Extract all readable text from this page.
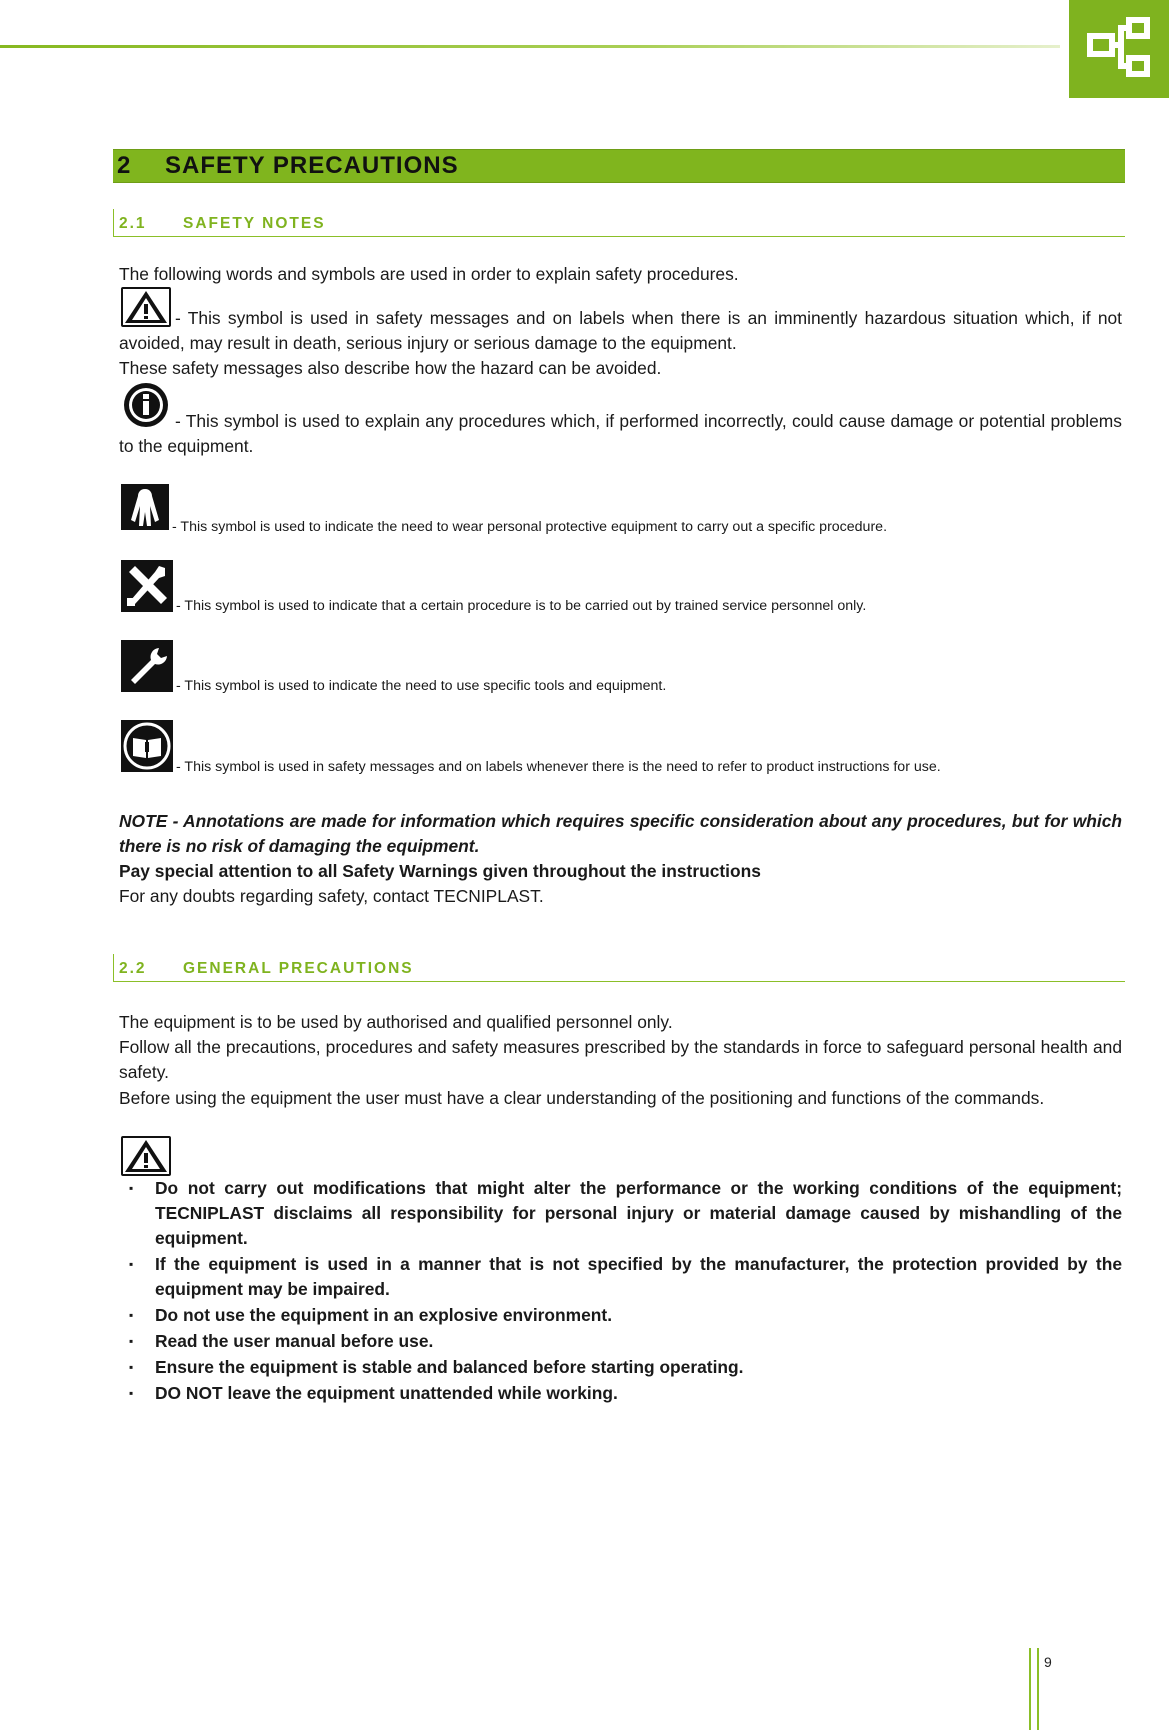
2	SAFETY PRECAUTIONS
2.1	SAFETY NOTES

The following words and symbols are used in order to explain safety procedures.

- This symbol is used in safety messages and on labels when there is an imminently hazardous situation which, if not avoided, may result in death, serious injury or serious damage to the equipment.

These safety messages also describe how the hazard can be avoided.

- This symbol is used to explain any procedures which, if performed incorrectly, could cause damage or potential problems to the equipment.

- This symbol is used to indicate the need to wear personal protective equipment to carry out a specific procedure.

- This symbol is used to indicate that a certain procedure is to be carried out by trained service personnel only.

- This symbol is used to indicate the need to use specific tools and equipment.

- This symbol is used in safety messages and on labels whenever there is the need to refer to product instructions for use.

NOTE - Annotations are made for information which requires specific consideration about any procedures, but for which there is no risk of damaging the equipment.

Pay special attention to all Safety Warnings given throughout the instructions

For any doubts regarding safety, contact TECNIPLAST.

2.2	GENERAL PRECAUTIONS

The equipment is to be used by authorised and qualified personnel only.

Follow all the precautions, procedures and safety measures prescribed by the standards in force to safeguard personal health and safety.

Before using the equipment the user must have a clear understanding of the positioning and functions of the commands.

▪ Do not carry out modifications that might alter the performance or the working conditions of the equipment; TECNIPLAST disclaims all responsibility for personal injury or material damage caused by mishandling of the equipment.
▪ If the equipment is used in a manner that is not specified by the manufacturer, the protection provided by the equipment may be impaired.
▪ Do not use the equipment in an explosive environment.
▪ Read the user manual before use.
▪ Ensure the equipment is stable and balanced before starting operating.
▪ DO NOT leave the equipment unattended while working.
9
